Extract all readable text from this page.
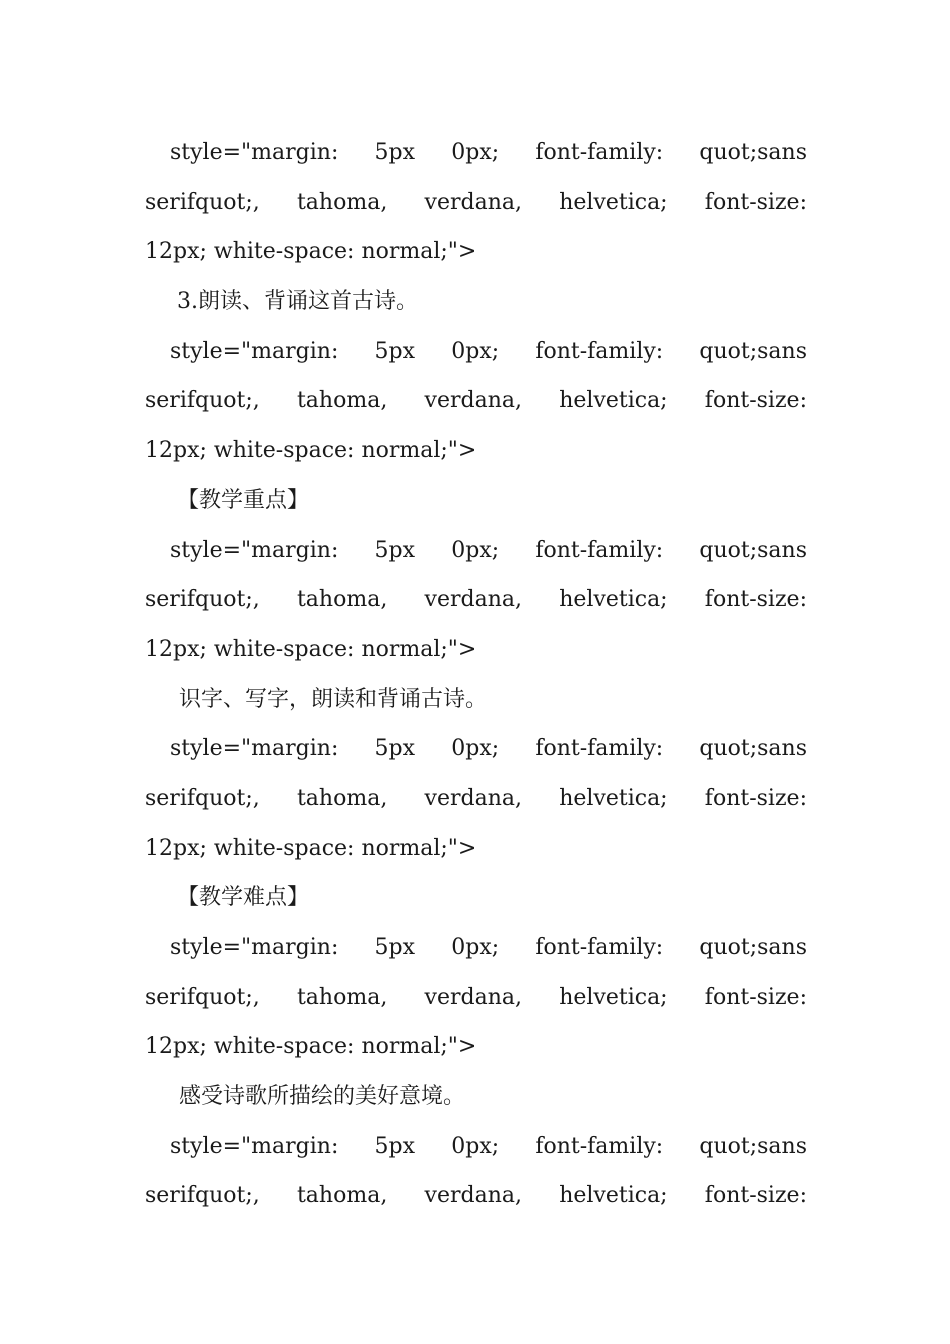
style="margin: 5px 0px; font-family: quot;sans
serifquot;, tahoma, verdana, helvetica; font-size:
12px; white-space: normal;">
3.朗读、背诵这首古诗。
style="margin: 5px 0px; font-family: quot;sans
serifquot;, tahoma, verdana, helvetica; font-size:
12px; white-space: normal;">
【教学重点】
style="margin: 5px 0px; font-family: quot;sans
serifquot;, tahoma, verdana, helvetica; font-size:
12px; white-space: normal;">
识字、写字，朗读和背诵古诗。
style="margin: 5px 0px; font-family: quot;sans
serifquot;, tahoma, verdana, helvetica; font-size:
12px; white-space: normal;">
【教学难点】
style="margin: 5px 0px; font-family: quot;sans
serifquot;, tahoma, verdana, helvetica; font-size:
12px; white-space: normal;">
感受诗歌所描绘的美好意境。
style="margin: 5px 0px; font-family: quot;sans
serifquot;, tahoma, verdana, helvetica; font-size:
